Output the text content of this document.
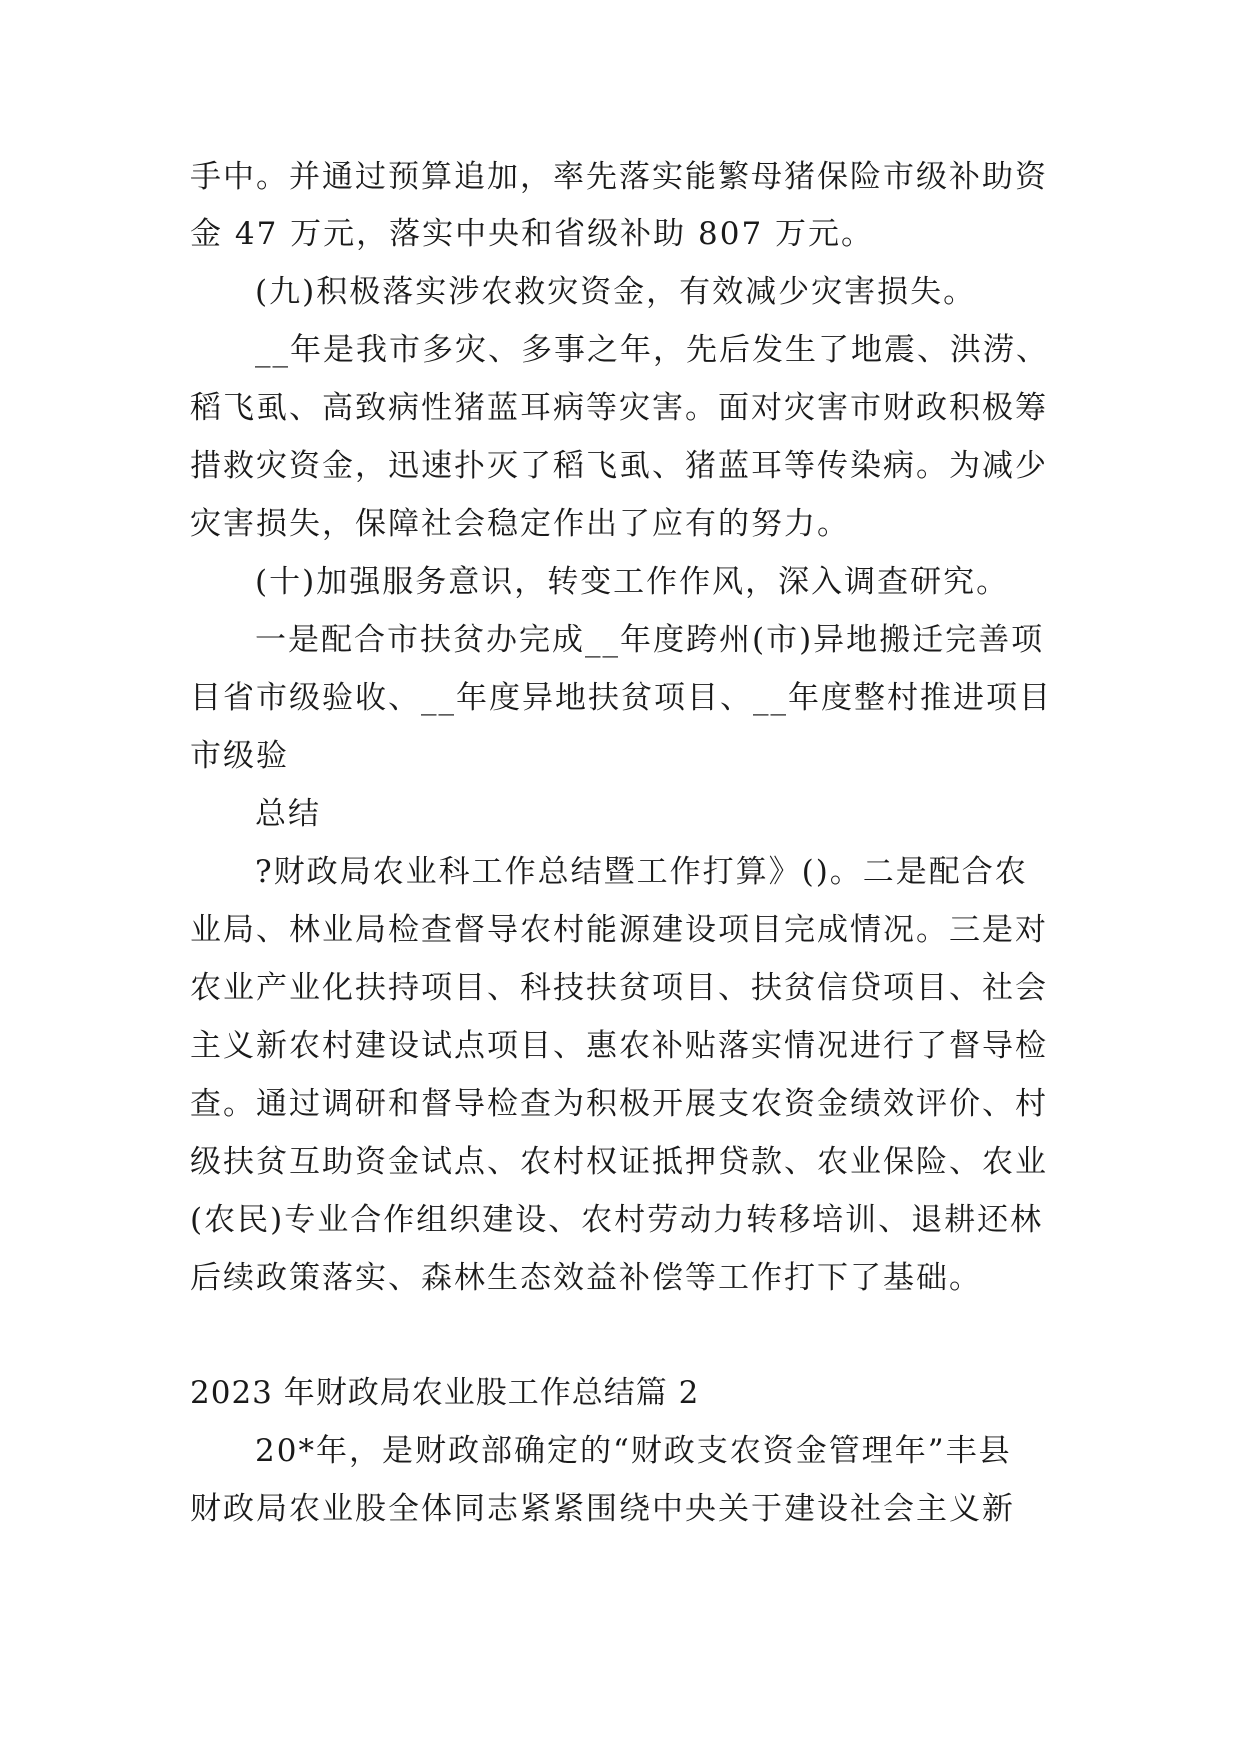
手中。并通过预算追加，率先落实能繁母猪保险市级补助资

金 47 万元，落实中央和省级补助 807 万元。

(九)积极落实涉农救灾资金，有效减少灾害损失。

__年是我市多灾、多事之年，先后发生了地震、洪涝、

稻飞虱、高致病性猪蓝耳病等灾害。面对灾害市财政积极筹

措救灾资金，迅速扑灭了稻飞虱、猪蓝耳等传染病。为减少

灾害损失，保障社会稳定作出了应有的努力。

(十)加强服务意识，转变工作作风，深入调查研究。

一是配合市扶贫办完成__年度跨州(市)异地搬迁完善项

目省市级验收、__年度异地扶贫项目、__年度整村推进项目

市级验

总结

?财政局农业科工作总结暨工作打算》()。二是配合农

业局、林业局检查督导农村能源建设项目完成情况。三是对

农业产业化扶持项目、科技扶贫项目、扶贫信贷项目、社会

主义新农村建设试点项目、惠农补贴落实情况进行了督导检

查。通过调研和督导检查为积极开展支农资金绩效评价、村

级扶贫互助资金试点、农村权证抵押贷款、农业保险、农业

(农民)专业合作组织建设、农村劳动力转移培训、退耕还林

后续政策落实、森林生态效益补偿等工作打下了基础。

2023 年财政局农业股工作总结篇 2

20*年，是财政部确定的“财政支农资金管理年”丰县

财政局农业股全体同志紧紧围绕中央关于建设社会主义新
